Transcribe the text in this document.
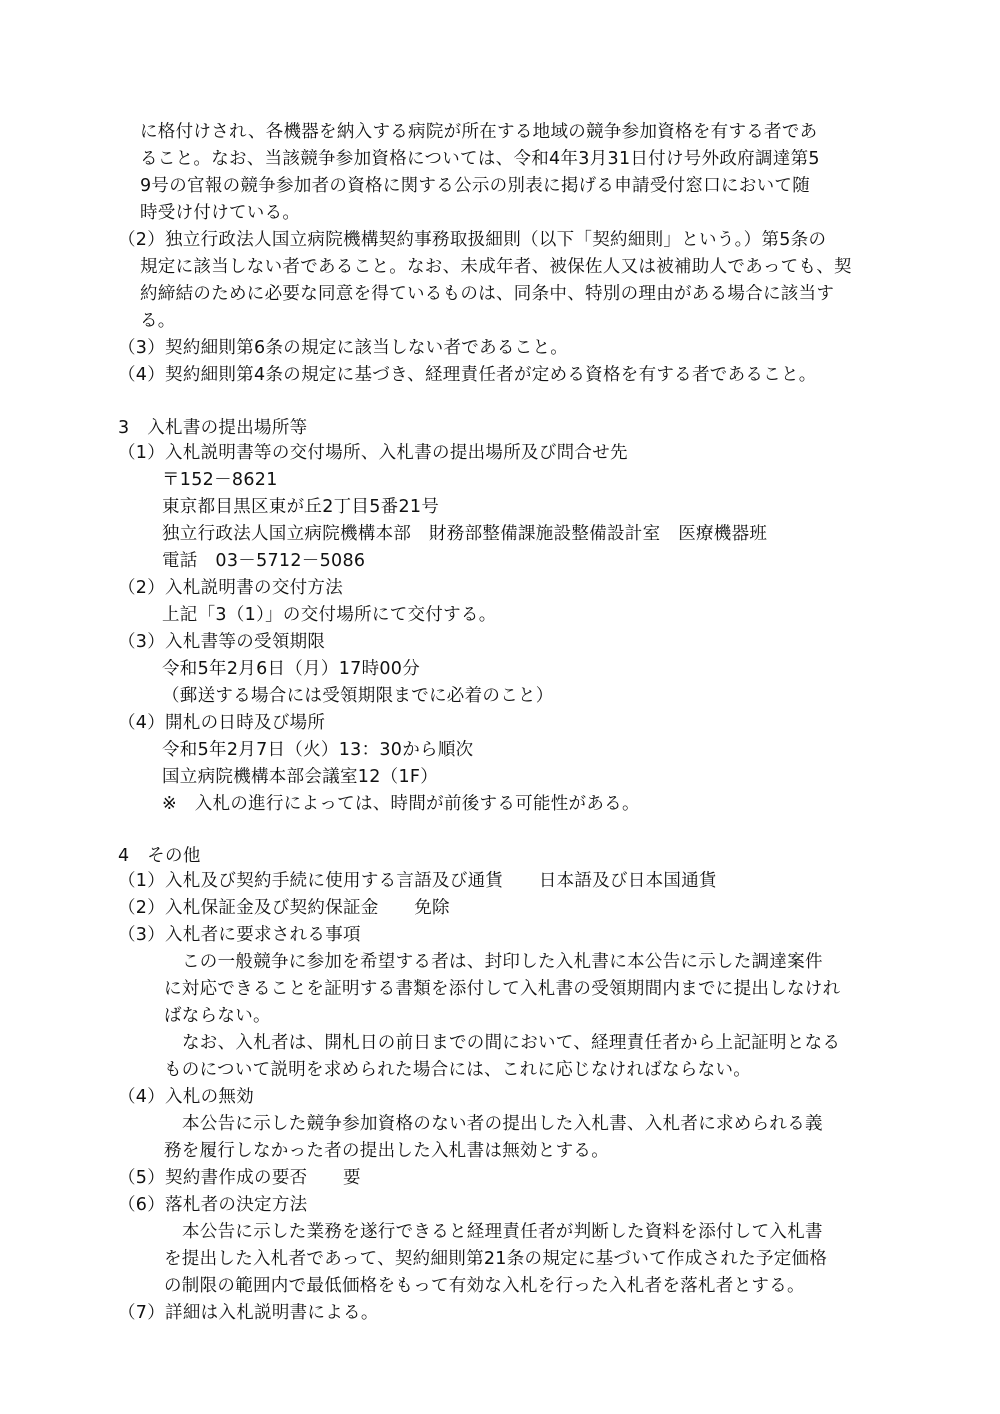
に格付けされ、各機器を納入する病院が所在する地域の競争参加資格を有する者であ
ること。なお、当該競争参加資格については、令和4年3月31日付け号外政府調達第5
9号の官報の競争参加者の資格に関する公示の別表に掲げる申請受付窓口において随
時受け付けている。
（2）独立行政法人国立病院機構契約事務取扱細則（以下「契約細則」という。）第5条の
規定に該当しない者であること。なお、未成年者、被保佐人又は被補助人であっても、契
約締結のために必要な同意を得ているものは、同条中、特別の理由がある場合に該当す
る。
（3）契約細則第6条の規定に該当しない者であること。
（4）契約細則第4条の規定に基づき、経理責任者が定める資格を有する者であること。
3　入札書の提出場所等
（1）入札説明書等の交付場所、入札書の提出場所及び問合せ先
〒152－8621
東京都目黒区東が丘2丁目5番21号
独立行政法人国立病院機構本部　財務部整備課施設整備設計室　医療機器班
電話　03－5712－5086
（2）入札説明書の交付方法
上記「3（1）」の交付場所にて交付する。
（3）入札書等の受領期限
令和5年2月6日（月）17時00分
（郵送する場合には受領期限までに必着のこと）
（4）開札の日時及び場所
令和5年2月7日（火）13：30から順次
国立病院機構本部会議室12（1F）
※　入札の進行によっては、時間が前後する可能性がある。
4　その他
（1）入札及び契約手続に使用する言語及び通貨　　日本語及び日本国通貨
（2）入札保証金及び契約保証金　　免除
（3）入札者に要求される事項
この一般競争に参加を希望する者は、封印した入札書に本公告に示した調達案件
に対応できることを証明する書類を添付して入札書の受領期間内までに提出しなけれ
ばならない。
なお、入札者は、開札日の前日までの間において、経理責任者から上記証明となる
ものについて説明を求められた場合には、これに応じなければならない。
（4）入札の無効
本公告に示した競争参加資格のない者の提出した入札書、入札者に求められる義
務を履行しなかった者の提出した入札書は無効とする。
（5）契約書作成の要否　　要
（6）落札者の決定方法
本公告に示した業務を遂行できると経理責任者が判断した資料を添付して入札書
を提出した入札者であって、契約細則第21条の規定に基づいて作成された予定価格
の制限の範囲内で最低価格をもって有効な入札を行った入札者を落札者とする。
（7）詳細は入札説明書による。
